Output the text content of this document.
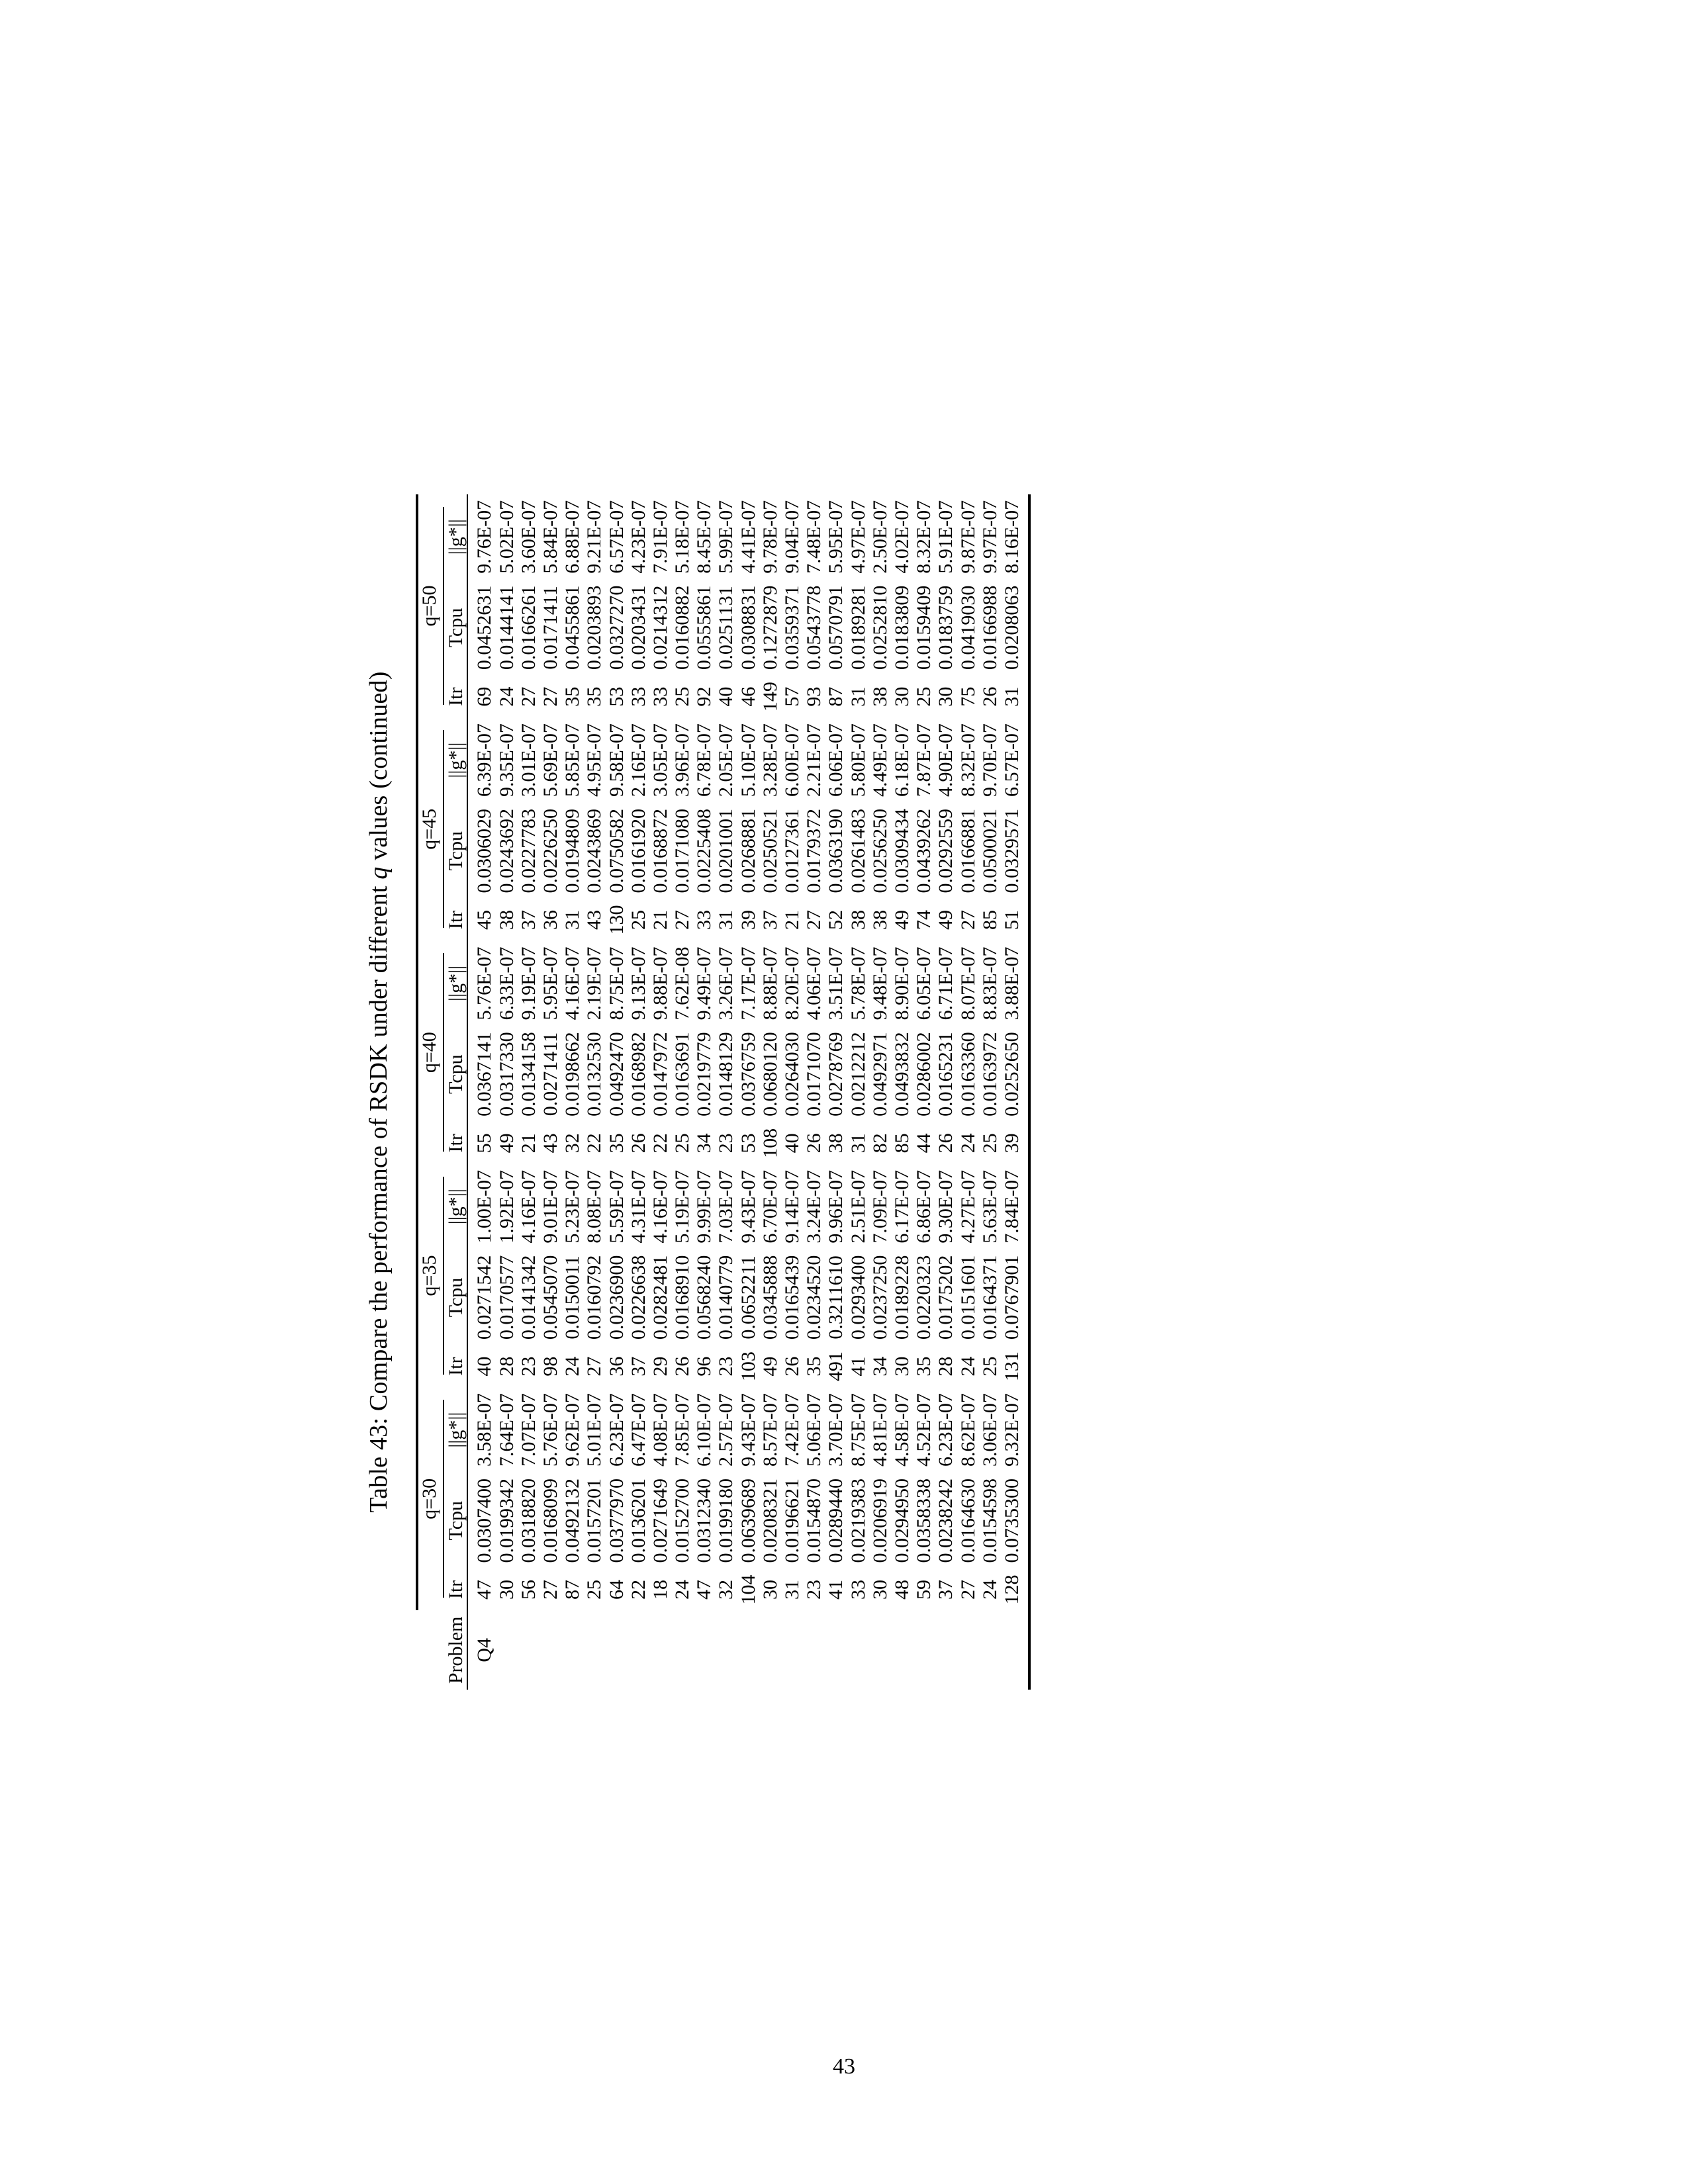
Table 43: Compare the performance of RSDK under different q values (continued)

	q=30			q=35			q=40			q=45			q=50		

Problem	Itr	Tcpu	||g*||	Itr	Tcpu	||g*||	Itr	Tcpu	||g*||	Itr	Tcpu	||g*||	Itr	Tcpu	||g*||
Q4	47	0.0307400	3.58E-07	40	0.0271542	1.00E-07	55	0.0367141	5.76E-07	45	0.0306029	6.39E-07	69	0.0452631	9.76E-07
	30	0.0199342	7.64E-07	28	0.0170577	1.92E-07	49	0.0317330	6.33E-07	38	0.0243692	9.35E-07	24	0.0144141	5.02E-07
	56	0.0318820	7.07E-07	23	0.0141342	4.16E-07	21	0.0134158	9.19E-07	37	0.0227783	3.01E-07	27	0.0166261	3.60E-07
	27	0.0168099	5.76E-07	98	0.0545070	9.01E-07	43	0.0271411	5.95E-07	36	0.0226250	5.69E-07	27	0.0171411	5.84E-07
	87	0.0492132	9.62E-07	24	0.0150011	5.23E-07	32	0.0198662	4.16E-07	31	0.0194809	5.85E-07	35	0.0455861	6.88E-07
	25	0.0157201	5.01E-07	27	0.0160792	8.08E-07	22	0.0132530	2.19E-07	43	0.0243869	4.95E-07	35	0.0203893	9.21E-07
	64	0.0377970	6.23E-07	36	0.0236900	5.59E-07	35	0.0492470	8.75E-07	130	0.0750582	9.58E-07	53	0.0327270	6.57E-07
	22	0.0136201	6.47E-07	37	0.0226638	4.31E-07	26	0.0168982	9.13E-07	25	0.0161920	2.16E-07	33	0.0203431	4.23E-07
	18	0.0271649	4.08E-07	29	0.0282481	4.16E-07	22	0.0147972	9.88E-07	21	0.0168872	3.05E-07	33	0.0214312	7.91E-07
	24	0.0152700	7.85E-07	26	0.0168910	5.19E-07	25	0.0163691	7.62E-08	27	0.0171080	3.96E-07	25	0.0160882	5.18E-07
	47	0.0312340	6.10E-07	96	0.0568240	9.99E-07	34	0.0219779	9.49E-07	33	0.0225408	6.78E-07	92	0.0555861	8.45E-07
	32	0.0199180	2.57E-07	23	0.0140779	7.03E-07	23	0.0148129	3.26E-07	31	0.0201001	2.05E-07	40	0.0251131	5.99E-07
	104	0.0639689	9.43E-07	103	0.0652211	9.43E-07	53	0.0376759	7.17E-07	39	0.0268881	5.10E-07	46	0.0308831	4.41E-07
	30	0.0208321	8.57E-07	49	0.0345888	6.70E-07	108	0.0680120	8.88E-07	37	0.0250521	3.28E-07	149	0.1272879	9.78E-07
	31	0.0196621	7.42E-07	26	0.0165439	9.14E-07	40	0.0264030	8.20E-07	21	0.0127361	6.00E-07	57	0.0359371	9.04E-07
	23	0.0154870	5.06E-07	35	0.0234520	3.24E-07	26	0.0171070	4.06E-07	27	0.0179372	2.21E-07	93	0.0543778	7.48E-07
	41	0.0289440	3.70E-07	491	0.3211610	9.96E-07	38	0.0278769	3.51E-07	52	0.0363190	6.06E-07	87	0.0570791	5.95E-07
	33	0.0219383	8.75E-07	41	0.0293400	2.51E-07	31	0.0212212	5.78E-07	38	0.0261483	5.80E-07	31	0.0189281	4.97E-07
	30	0.0206919	4.81E-07	34	0.0237250	7.09E-07	82	0.0492971	9.48E-07	38	0.0256250	4.49E-07	38	0.0252810	2.50E-07
	48	0.0294950	4.58E-07	30	0.0189228	6.17E-07	85	0.0493832	8.90E-07	49	0.0309434	6.18E-07	30	0.0183809	4.02E-07
	59	0.0358338	4.52E-07	35	0.0220323	6.86E-07	44	0.0286002	6.05E-07	74	0.0439262	7.87E-07	25	0.0159409	8.32E-07
	37	0.0238242	6.23E-07	28	0.0175202	9.30E-07	26	0.0165231	6.71E-07	49	0.0292559	4.90E-07	30	0.0183759	5.91E-07
	27	0.0164630	8.62E-07	24	0.0151601	4.27E-07	24	0.0163360	8.07E-07	27	0.0166881	8.32E-07	75	0.0419030	9.87E-07
	24	0.0154598	3.06E-07	25	0.0164371	5.63E-07	25	0.0163972	8.83E-07	85	0.0500021	9.70E-07	26	0.0166988	9.97E-07
	128	0.0735300	9.32E-07	131	0.0767901	7.84E-07	39	0.0252650	3.88E-07	51	0.0329571	6.57E-07	31	0.0208063	8.16E-07

43
